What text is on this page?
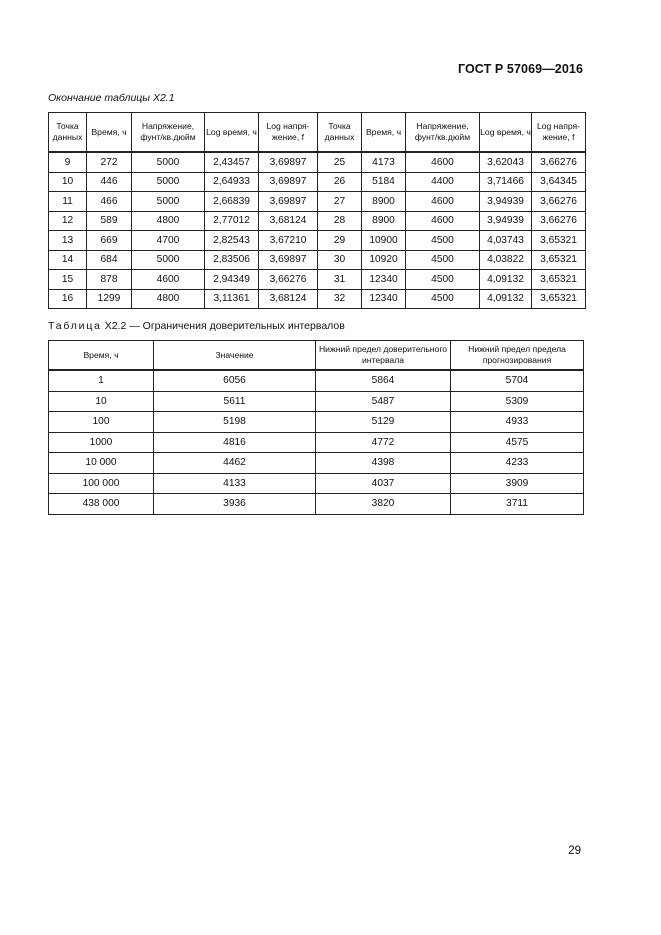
ГОСТ Р 57069—2016
Окончание таблицы Х2.1
Точка данных	Время, ч	Напряжение, фунт/кв.дюйм	Log время, ч	Log напря- жение, f	Точка данных	Время, ч	Напряжение, фунт/кв.дюйм	Log время, ч	Log напря- жение, f
9	272	5000	2,43457	3,69897	25	4173	4600	3,62043	3,66276
10	446	5000	2,64933	3,69897	26	5184	4400	3,71466	3,64345
11	466	5000	2,66839	3,69897	27	8900	4600	3,94939	3,66276
12	589	4800	2,77012	3,68124	28	8900	4600	3,94939	3,66276
13	669	4700	2,82543	3,67210	29	10900	4500	4,03743	3,65321
14	684	5000	2,83506	3,69897	30	10920	4500	4,03822	3,65321
15	878	4600	2,94349	3,66276	31	12340	4500	4,09132	3,65321
16	1299	4800	3,11361	3,68124	32	12340	4500	4,09132	3,65321
Таблица Х2.2 — Ограничения доверительных интервалов
Время, ч	Значение	Нижний предел доверительного интервала	Нижний предел предела прогнозирования
1	6056	5864	5704
10	5611	5487	5309
100	5198	5129	4933
1000	4816	4772	4575
10 000	4462	4398	4233
100 000	4133	4037	3909
438 000	3936	3820	3711
29
